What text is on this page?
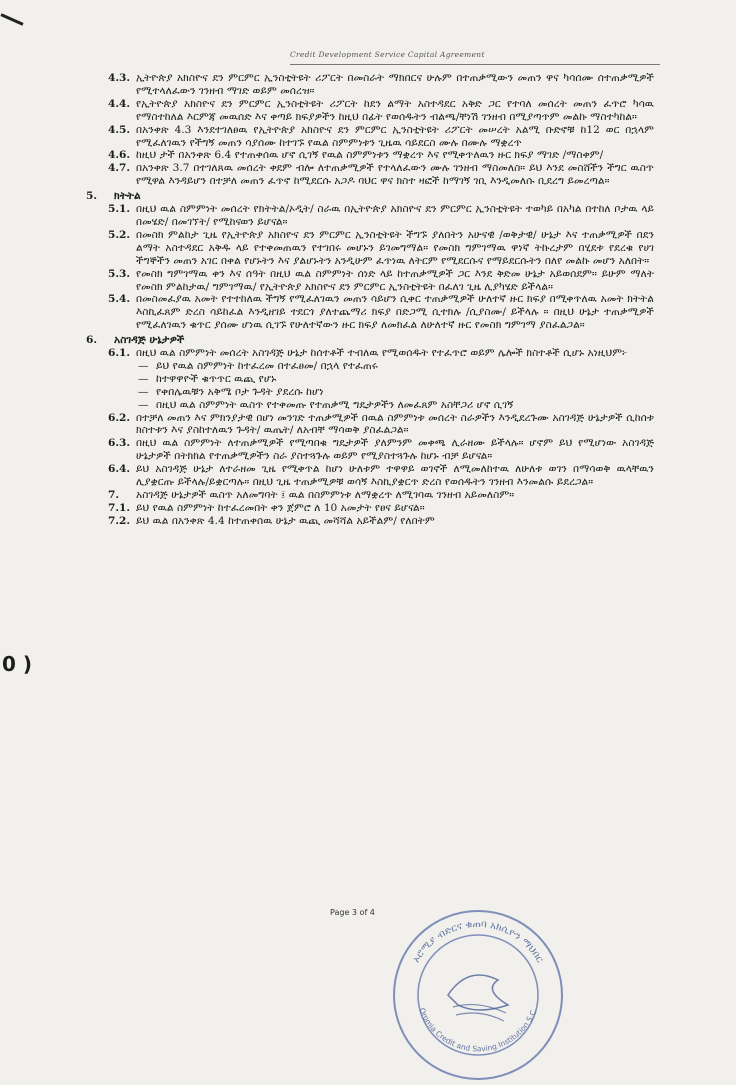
0 )
Credit Development Service Capital Agreement
4.3. ኢትዮጵያ አክስዮና ደን ምርምር ኢንስቲትዩት ሪፖርት በመስራት ማክበርና ሁሉም በተጠቃሚውን መጠን ዋና ካሳሰሙ ሰተጠቃሚዎች የሚተላለፈውን ገንዘብ ማገድ ወይም መሰረዝ።
4.4. የኢትዮጵያ አክስዮና ደን ምርምር ኢንስቲትዩት ሪፖርት ከደን ልማት አስተዳደር አቅድ ጋር የተባለ መሰረት መጠን ፈጥሮ ካሳዉ የማስተከለል እርምጃ መዉሰድ እና ቀጣይ ክፍያዎችን ከዚህ በፊት የወሰዱትን ብልጫ/ቸነሽ ገንዘብ በሚያጣጥም መልኩ ማስተካከል።
4.5. በአንቀጽ 4.3 እንደተገለፀዉ የኢትዮጵያ አክስዮና ደን ምርምር ኢንስቲትዩት ሪፖርት መሠረት አልሚ ቡድኖቹ ከ12 ወር በኋላም የሚፈለገዉን የችግኝ መጠን ሳያሰሙ ከተገኙ የዉል ስምምነቱን ጊዜዉ ሳይደርስ ሙሉ በሙሉ ማቋረጥ
4.6. ከዚህ ታች በአንቀጽ 6.4 የተጠቀሰዉ ሆኖ ሲገኝ የዉል ስምምነቱን ማቋረጥ እና የሚቀጥለዉን ዙር ክፍያ ማገድ /ማስቀም/
4.7. በአንቀጽ 3.7 በተገለጸዉ መሰረት ቀደም ብሎ ለተጠቃሚዎች የተላለፈውን ሙሉ ገንዘብ ማስመለስ። ይህ እንደ መስሸችን ችግር ዉስጥ የሚዋል እንዳይሆን በተቻለ መጠን ፈጥኖ ከሚደርሱ አጋዶ ባህር ዋና ክስተ ዛፎች ከማገኝ ገቢ እንዲመለሱ ቢደረግ ይመረጣል።
5.	ክትትል
5.1. በዚህ ዉል ስምምነት መሰረት የክትትል/ኦዲት/ ስራዉ በኢትዮጵያ አክስዮና ደን ምርምር ኢንስቲትዩት ተወካይ በአካል በተከለ ቦታዉ ላይ በመሄድ/ በመገኘት/ የሚከናወን ይሆናል።
5.2. በመስክ ምልከታ ጊዜ የኢትዮጵያ አክስዮና ደን ምርምር ኢንስቲትዩት ችግኙ ያለበትን አሁናዊ /ወቅታዊ/ ሁኔታ እና ተጠቃሚዎች በደን ልማት አስተዳደር አቅዱ ላይ የተቀመጠዉን የተገበሩ መሆኑን ይገመግማል። የመስክ ግምገማዉ ዋነኛ ትኩረታም በሂደቱ የደረቁ የሀገ ችግኞችን መጠን አገር በቀል የሆኑትን እና ያልሆኑትን አንዲሁም ፈጥነዉ ለትርም የሚደርሱና የማይደርሱትን በለየ መልኩ መሆን አለበት።
5.3. የመስክ ግምገማዉ ቀን እና ሰዓት በዚህ ዉል ስምምነት ሰነድ ላይ ከተጠቃሚዎች ጋር እንደ ቅድመ ሁኔታ አይወሰደም። ይሁም ማለት የመስክ ምልከታዉ/ ግምገማዉ/ የኢትዮጵያ አክስዮና ደን ምርምር ኢንስቲትዩት በፈለገ ጊዜ ሊያካሄድ ይችላል።
5.4. በመስመፈያዉ አመት የተተከለዉ ችግኝ የሚፈለገዉን መጠን ሳይሆን ሲቀር ተጠቃሚዎች ሁለተኛ ዙር ክፍያ በሚቀጥለዉ አመት ክትትል እስኪፈጸም ድረስ ሳይከፈል እንዲዘገይ ተደርጎ ያለተጨማሪ ክፍያ በድጋሚ ሲተክሉ /ሲያስሙ/ ይችላሉ ። በዚህ ሁኔታ ተጠቃሚዎች የሚፈለገዉን ቁጥር ያሰሙ ሆነዉ ሲገኙ የሁለተኛውን ዙር ክፍያ ለመክፈል ለሁለተኛ ዙር የመስክ ግምገማ ያስፈልጋል።
6.	አስገዳጅ ሁኔታዎች
6.1. በዚህ ዉል ስምምነት መሰረት አስገዳጅ ሁኔታ ከሰተቶች ተብለዉ የሚወሰዱት የተፈጥሮ ወይም ሌሎች ክስተቶች ሲሆኑ አነዚህም፦
— ይህ የዉል ስምምነት ከተፈረመ በተፈፀመ/ በኋላ የተፈጠሩ
— ከተዋዋዮች ቁጥጥር ዉጪ የሆኑ
— የቀበሌዉቹን አቅሜ ቦታ ጉዳት ያደረሱ ከሆነ
— በዚህ ዉል ስምምነት ዉስጥ የተቀመጡ የተጠቃሚ ግዴታዎችን ለመፈጸም አስቸጋሪ ሆኖ ሲገኝ
6.2. በተቻለ መጠን እና ምክንያታዊ በሆነ መንገድ ተጠቃሚዎች በዉል ስምምነቱ መሰረት ስራዎችን እንዲደረጉሙ አስገዳጅ ሁኔታዎች ሲከሰቱ ክስተቱን እና ያስከተለዉን ጉዳት/ ዉጤት/ ለአብቸ ማሳወቅ ያስፈልጋል።
6.3. በዚህ ዉል ስምምነት ለተጠቃሚዎች የሚጣበቁ ግዴታዎች ያለምንም መቀጫ ሊራዘሙ ይችላሉ። ሆኖም ይህ የሚሆነው አስገዳጅ ሁኔታዎች በትክክል የተጠቃሚዎችን ስራ ያስተጓጉሉ ወይም የሚያስተጓጉሉ ከሆኑ ብቻ ይሆናል።
6.4. ይህ አስገዳጅ ሁኔታ ለተራዘመ ጊዜ የሚቀጥል ከሆነ ሁለቱም ተዋዋይ ወገኖች ለሚመለከተዉ ለሁለቱ ወገን በማሳወቅ ዉላቸዉን ሊያቋርጡ ይችላሉ/ይቋርጣሉ። በዚህ ጊዜ ተጠቃሚዎቹ ወሳኝ እስኪያቋርጥ ድረስ የወሰዱትን ገንዘብ እንመልሱ ይደረጋል።
7.	አስገዳጅ ሁኔታዎች ዉስጥ አለመግባት ፤ ዉል በስምምነቱ ለማቋረጥ ለሚገባዉ ገንዘብ አይመለስም።
7.1. ይህ የዉል ስምምነት ከተፈረመበት ቀን ጀምሮ ለ 10 አመታት የፀና ይሆናል።
7.2. ይህ ዉል በአንቀጽ 4.4 ከተጠቀሰዉ ሁኔታ ዉጪ መሻሻል አይችልም/ የለበትም
Page 3 of 4
ኦሮሚያ ብድርና ቁጠባ አክሲዮን ማህበር
Oromia Credit and Saving Institution S.C.
